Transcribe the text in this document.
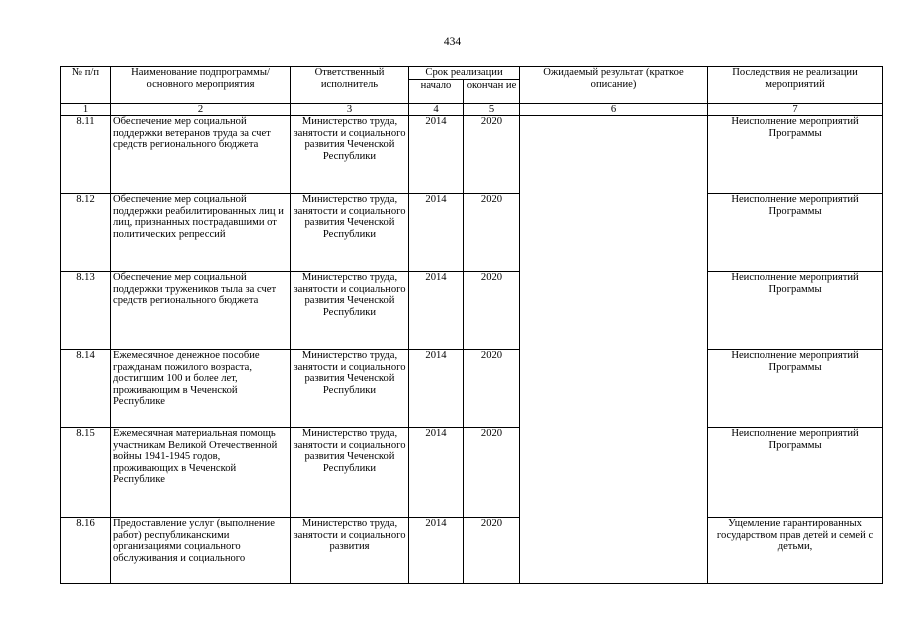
434
№ п/п	Наименование подпрограммы/ основного мероприятия	Ответственный исполнитель	Срок реализации		Ожидаемый результат (краткое описание)	Последствия не реализации мероприятий
			начало	окончан ие		
1	2	3	4	5	6	7
8.11	Обеспечение мер социальной поддержки ветеранов труда за счет средств регионального бюджета	Министерство труда, занятости и социального развития Чеченской Республики	2014	2020		Неисполнение мероприятий Программы
8.12	Обеспечение мер социальной поддержки реабилитированных лиц и лиц, признанных пострадавшими от политических репрессий	Министерство труда, занятости и социального развития Чеченской Республики	2014	2020		Неисполнение мероприятий Программы
8.13	Обеспечение мер социальной поддержки тружеников тыла за счет средств регионального бюджета	Министерство труда, занятости и социального развития Чеченской Республики	2014	2020		Неисполнение мероприятий Программы
8.14	Ежемесячное денежное пособие гражданам пожилого возраста, достигшим 100 и более лет, проживающим в Чеченской Республике	Министерство труда, занятости и социального развития Чеченской Республики	2014	2020		Неисполнение мероприятий Программы
8.15	Ежемесячная материальная помощь участникам Великой Отечественной войны 1941-1945 годов, проживающих в Чеченской Республике	Министерство труда, занятости и социального развития Чеченской Республики	2014	2020		Неисполнение мероприятий Программы
8.16	Предоставление услуг (выполнение работ) республиканскими организациями социального обслуживания и социального	Министерство труда, занятости и социального развития	2014	2020		Ущемление гарантированных государством прав детей и семей с детьми,
